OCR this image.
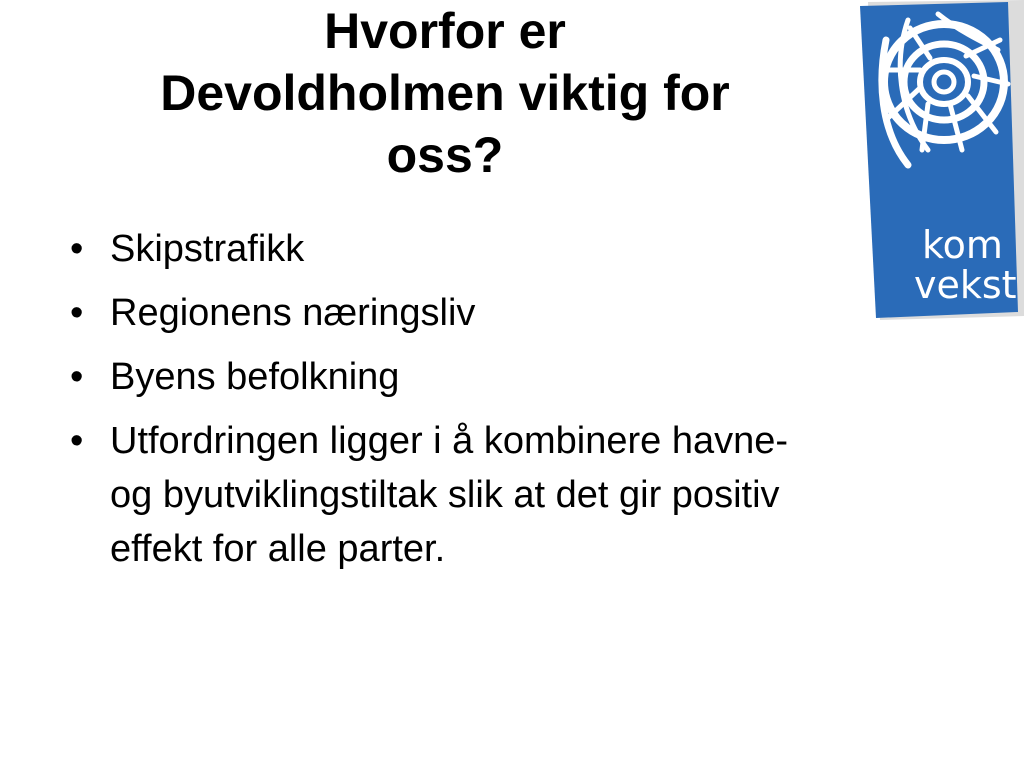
Hvorfor er
Devoldholmen viktig for
oss?
• Skipstrafikk
• Regionens næringsliv
• Byens befolkning
• Utfordringen ligger i å kombinere havne- og byutviklingstiltak slik at det gir positiv effekt for alle parter.
kom
vekst
